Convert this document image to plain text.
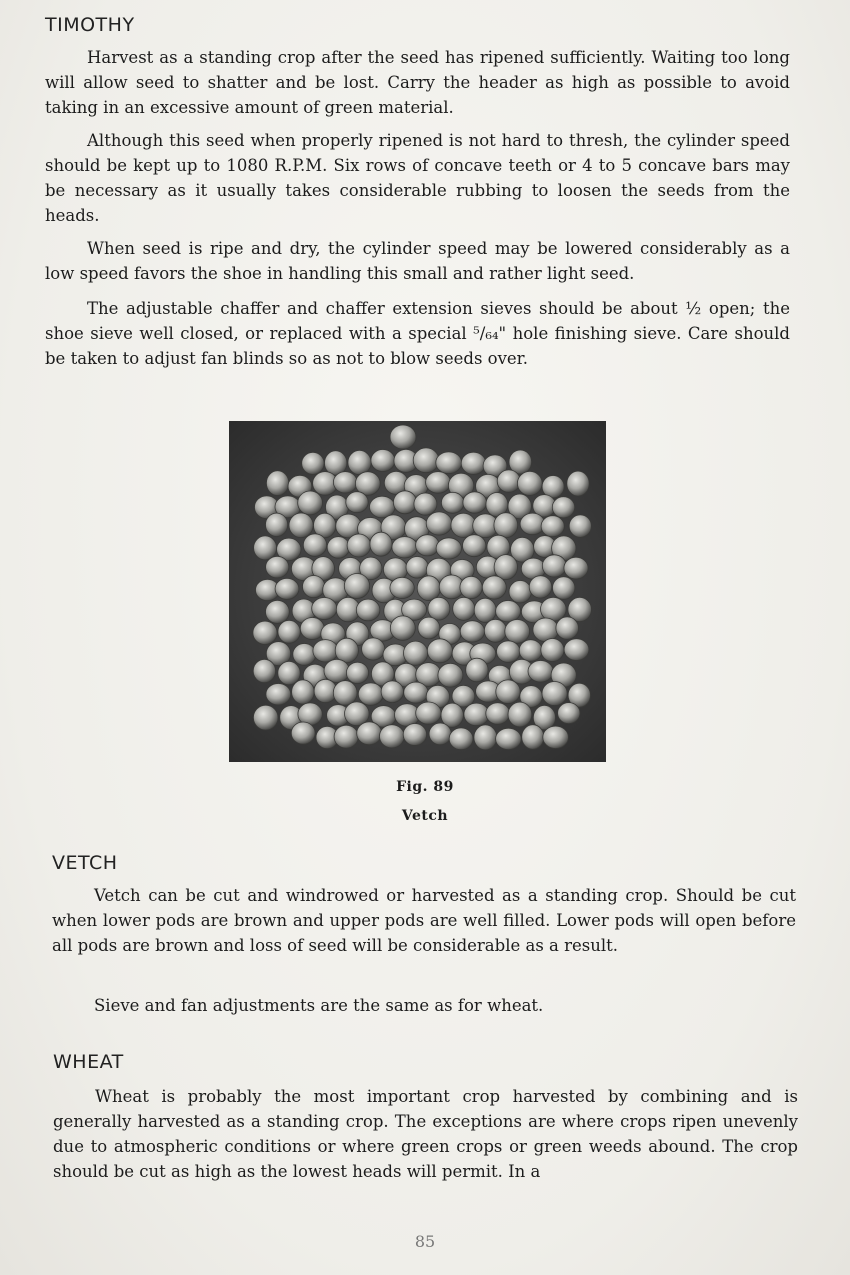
TIMOTHY

Harvest as a standing crop after the seed has ripened sufficiently. Waiting too long will allow seed to shatter and be lost. Carry the header as high as possible to avoid taking in an excessive amount of green material.

Although this seed when properly ripened is not hard to thresh, the cylinder speed should be kept up to 1080 R.P.M. Six rows of concave teeth or 4 to 5 concave bars may be necessary as it usually takes considerable rubbing to loosen the seeds from the heads.

When seed is ripe and dry, the cylinder speed may be lowered considerably as a low speed favors the shoe in handling this small and rather light seed.

The adjustable chaffer and chaffer extension sieves should be about ½ open; the shoe sieve well closed, or replaced with a special ⁵/₆₄" hole finishing sieve. Care should be taken to adjust fan blinds so as not to blow seeds over.

Fig. 89

Vetch

VETCH

Vetch can be cut and windrowed or harvested as a standing crop. Should be cut when lower pods are brown and upper pods are well filled. Lower pods will open before all pods are brown and loss of seed will be considerable as a result.

Sieve and fan adjustments are the same as for wheat.

WHEAT

Wheat is probably the most important crop harvested by combining and is generally harvested as a standing crop. The exceptions are where crops ripen unevenly due to atmospheric conditions or where green crops or green weeds abound. The crop should be cut as high as the lowest heads will permit. In a

85
